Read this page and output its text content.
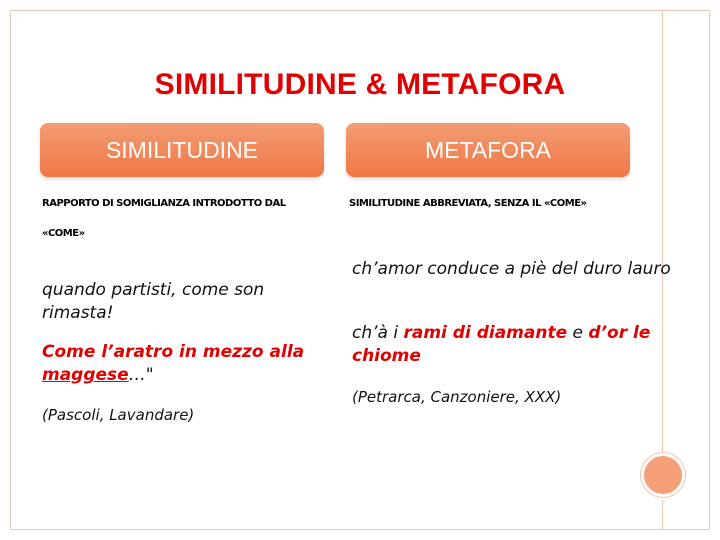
SIMILITUDINE & METAFORA
SIMILITUDINE	METAFORA
RAPPORTO DI SOMIGLIANZA INTRODOTTO DAL
«COME»
SIMILITUDINE ABBREVIATA, SENZA IL «COME»
quando partisti, come son rimasta!
Come l’aratro in mezzo alla maggese…"
(Pascoli, Lavandare)
ch’amor conduce a piè del duro lauro
ch’à i rami di diamante e d’or le chiome
(Petrarca, Canzoniere, XXX)
